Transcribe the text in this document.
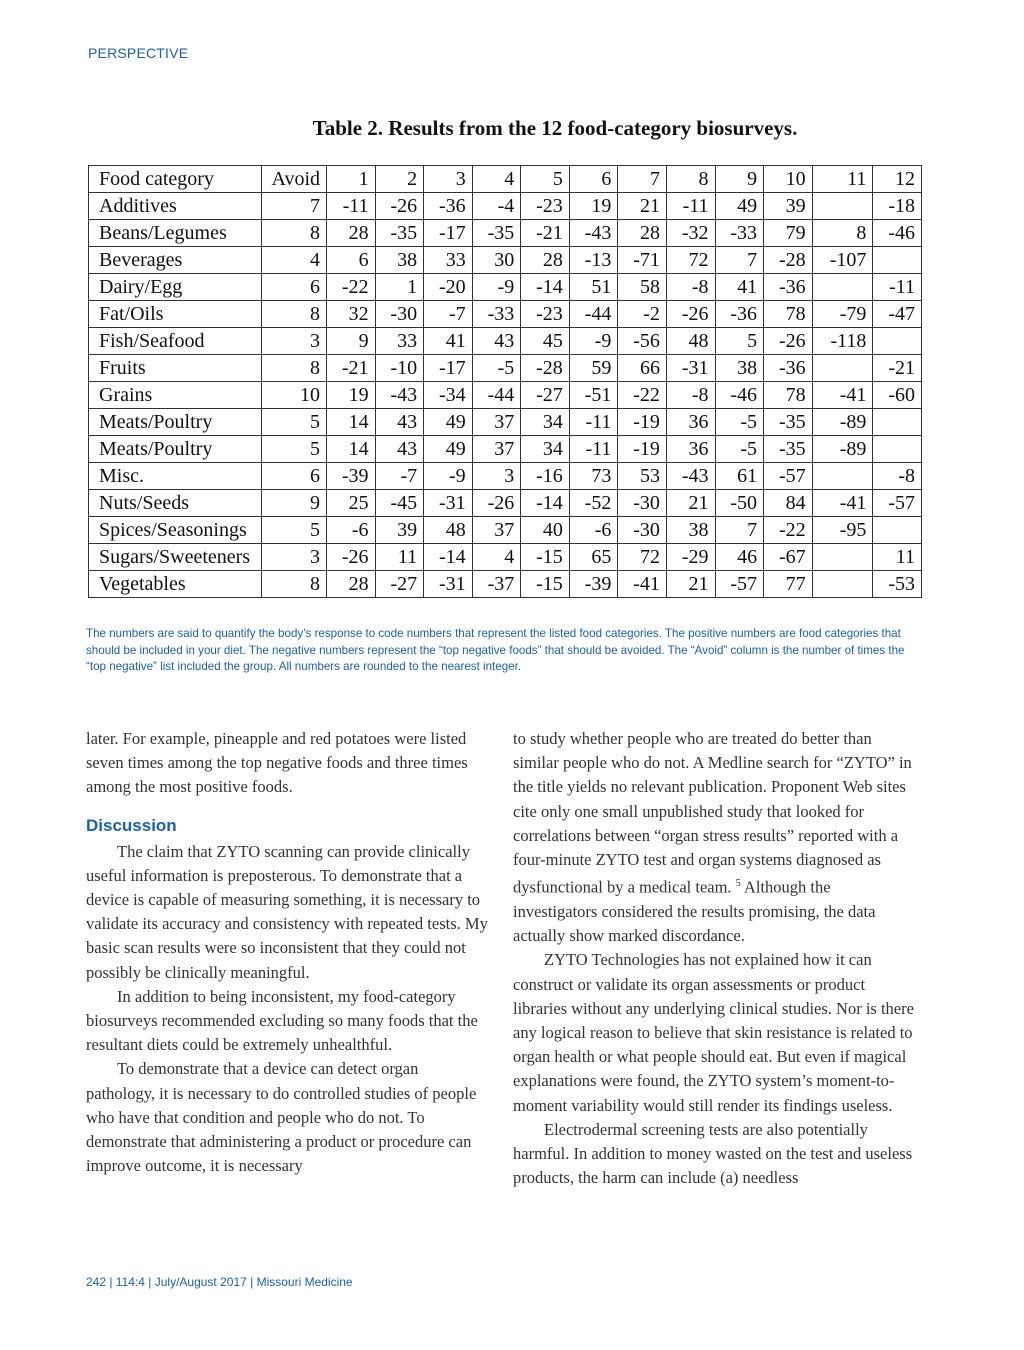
PERSPECTIVE
Table 2. Results from the 12 food-category biosurveys.
Food category	Avoid	1	2	3	4	5	6	7	8	9	10	11	12
Additives	7	-11	-26	-36	-4	-23	19	21	-11	49	39		-18
Beans/Legumes	8	28	-35	-17	-35	-21	-43	28	-32	-33	79	8	-46
Beverages	4	6	38	33	30	28	-13	-71	72	7	-28	-107	
Dairy/Egg	6	-22	1	-20	-9	-14	51	58	-8	41	-36		-11
Fat/Oils	8	32	-30	-7	-33	-23	-44	-2	-26	-36	78	-79	-47
Fish/Seafood	3	9	33	41	43	45	-9	-56	48	5	-26	-118	
Fruits	8	-21	-10	-17	-5	-28	59	66	-31	38	-36		-21
Grains	10	19	-43	-34	-44	-27	-51	-22	-8	-46	78	-41	-60
Meats/Poultry	5	14	43	49	37	34	-11	-19	36	-5	-35	-89	
Meats/Poultry	5	14	43	49	37	34	-11	-19	36	-5	-35	-89	
Misc.	6	-39	-7	-9	3	-16	73	53	-43	61	-57		-8
Nuts/Seeds	9	25	-45	-31	-26	-14	-52	-30	21	-50	84	-41	-57
Spices/Seasonings	5	-6	39	48	37	40	-6	-30	38	7	-22	-95	
Sugars/Sweeteners	3	-26	11	-14	4	-15	65	72	-29	46	-67		11
Vegetables	8	28	-27	-31	-37	-15	-39	-41	21	-57	77		-53
The numbers are said to quantify the body’s response to code numbers that represent the listed food categories. The positive numbers are food categories that should be included in your diet. The negative numbers represent the “top negative foods” that should be avoided. The “Avoid” column is the number of times the “top negative” list included the group. All numbers are rounded to the nearest integer.

later. For example, pineapple and red potatoes were listed seven times among the top negative foods and three times among the most positive foods.

Discussion

The claim that ZYTO scanning can provide clinically useful information is preposterous. To demonstrate that a device is capable of measuring something, it is necessary to validate its accuracy and consistency with repeated tests. My basic scan results were so inconsistent that they could not possibly be clinically meaningful.

In addition to being inconsistent, my food-category biosurveys recommended excluding so many foods that the resultant diets could be extremely unhealthful.

To demonstrate that a device can detect organ pathology, it is necessary to do controlled studies of people who have that condition and people who do not. To demonstrate that administering a product or procedure can improve outcome, it is necessary

to study whether people who are treated do better than similar people who do not. A Medline search for “ZYTO” in the title yields no relevant publication. Proponent Web sites cite only one small unpublished study that looked for correlations between “organ stress results” reported with a four-minute ZYTO test and organ systems diagnosed as dysfunctional by a medical team. $^5$ Although the investigators considered the results promising, the data actually show marked discordance.

ZYTO Technologies has not explained how it can construct or validate its organ assessments or product libraries without any underlying clinical studies. Nor is there any logical reason to believe that skin resistance is related to organ health or what people should eat. But even if magical explanations were found, the ZYTO system’s moment-to-moment variability would still render its findings useless.

Electrodermal screening tests are also potentially harmful. In addition to money wasted on the test and useless products, the harm can include (a) needless

242 | 114:4 | July/August 2017 | Missouri Medicine
